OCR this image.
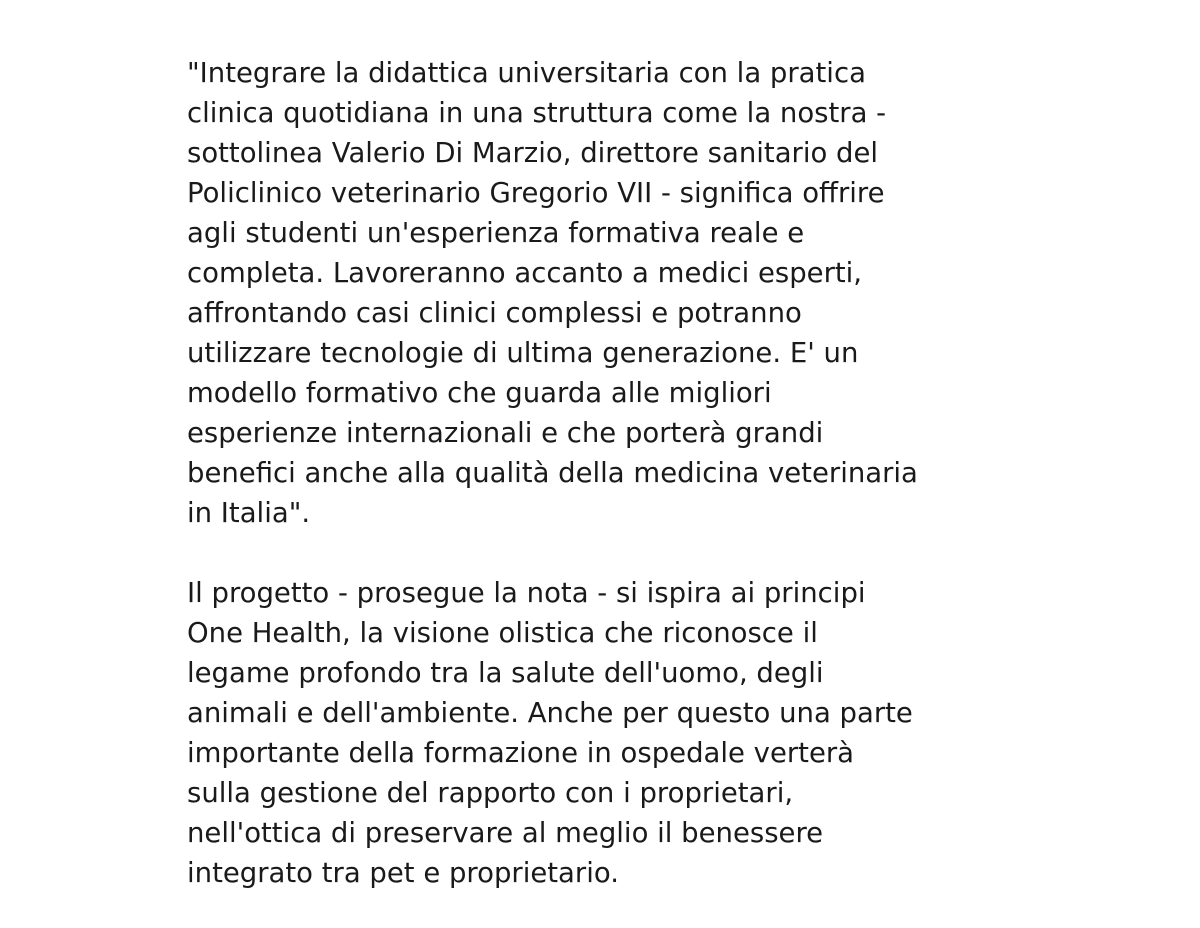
"Integrare la didattica universitaria con la pratica
clinica quotidiana in una struttura come la nostra -
sottolinea Valerio Di Marzio, direttore sanitario del
Policlinico veterinario Gregorio VII - significa offrire
agli studenti un'esperienza formativa reale e
completa. Lavoreranno accanto a medici esperti,
affrontando casi clinici complessi e potranno
utilizzare tecnologie di ultima generazione. E' un
modello formativo che guarda alle migliori
esperienze internazionali e che porterà grandi
benefici anche alla qualità della medicina veterinaria
in Italia".

Il progetto - prosegue la nota - si ispira ai principi
One Health, la visione olistica che riconosce il
legame profondo tra la salute dell'uomo, degli
animali e dell'ambiente. Anche per questo una parte
importante della formazione in ospedale verterà
sulla gestione del rapporto con i proprietari,
nell'ottica di preservare al meglio il benessere
integrato tra pet e proprietario.
